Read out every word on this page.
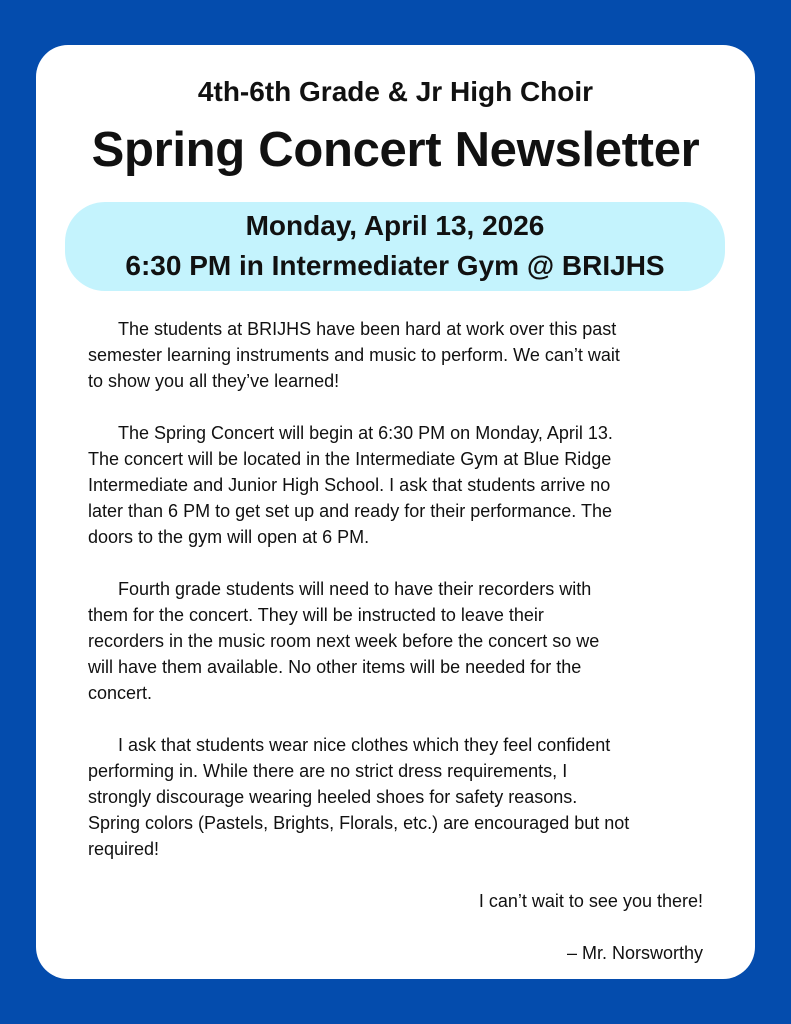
4th-6th Grade & Jr High Choir
Spring Concert Newsletter
Monday, April 13, 2026
6:30 PM in Intermediater Gym @ BRIJHS
The students at BRIJHS have been hard at work over this past
semester learning instruments and music to perform. We can’t wait
to show you all they’ve learned!
The Spring Concert will begin at 6:30 PM on Monday, April 13.
The concert will be located in the Intermediate Gym at Blue Ridge
Intermediate and Junior High School. I ask that students arrive no
later than 6 PM to get set up and ready for their performance. The
doors to the gym will open at 6 PM.
Fourth grade students will need to have their recorders with
them for the concert. They will be instructed to leave their
recorders in the music room next week before the concert so we
will have them available. No other items will be needed for the
concert.
I ask that students wear nice clothes which they feel confident
performing in. While there are no strict dress requirements, I
strongly discourage wearing heeled shoes for safety reasons.
Spring colors (Pastels, Brights, Florals, etc.) are encouraged but not
required!
I can’t wait to see you there!
– Mr. Norsworthy
